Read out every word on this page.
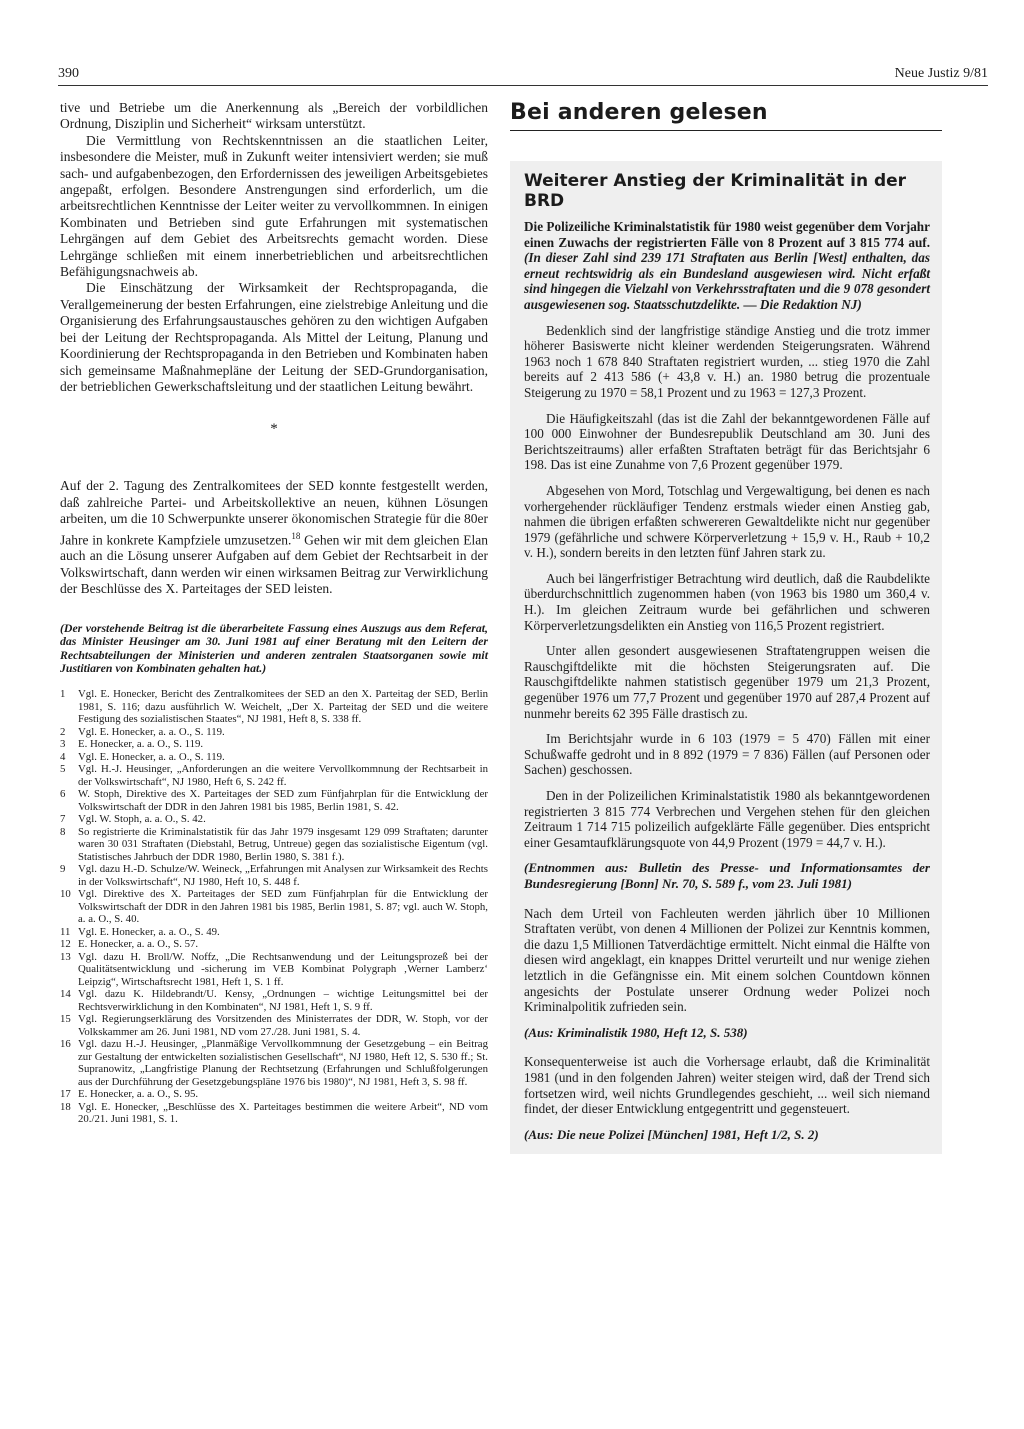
390	Neue Justiz 9/81

tive und Betriebe um die Anerkennung als „Bereich der vorbildlichen Ordnung, Disziplin und Sicherheit“ wirksam unterstützt.

Die Vermittlung von Rechtskenntnissen an die staatlichen Leiter, insbesondere die Meister, muß in Zukunft weiter intensiviert werden; sie muß sach- und aufgabenbezogen, den Erfordernissen des jeweiligen Arbeitsgebietes angepaßt, erfolgen. Besondere Anstrengungen sind erforderlich, um die arbeitsrechtlichen Kenntnisse der Leiter weiter zu vervollkommnen. In einigen Kombinaten und Betrieben sind gute Erfahrungen mit systematischen Lehrgängen auf dem Gebiet des Arbeitsrechts gemacht worden. Diese Lehrgänge schließen mit einem innerbetrieblichen und arbeitsrechtlichen Befähigungsnachweis ab.

Die Einschätzung der Wirksamkeit der Rechtspropaganda, die Verallgemeinerung der besten Erfahrungen, eine zielstrebige Anleitung und die Organisierung des Erfahrungsaustausches gehören zu den wichtigen Aufgaben bei der Leitung der Rechtspropaganda. Als Mittel der Leitung, Planung und Koordinierung der Rechtspropaganda in den Betrieben und Kombinaten haben sich gemeinsame Maßnahmepläne der Leitung der SED-Grundorganisation, der betrieblichen Gewerkschaftsleitung und der staatlichen Leitung bewährt.

*

Auf der 2. Tagung des Zentralkomitees der SED konnte festgestellt werden, daß zahlreiche Partei- und Arbeitskollektive an neuen, kühnen Lösungen arbeiten, um die 10 Schwerpunkte unserer ökonomischen Strategie für die 80er Jahre in konkrete Kampfziele umzusetzen.$^{18}$ Gehen wir mit dem gleichen Elan auch an die Lösung unserer Aufgaben auf dem Gebiet der Rechtsarbeit in der Volkswirtschaft, dann werden wir einen wirksamen Beitrag zur Verwirklichung der Beschlüsse des X. Parteitages der SED leisten.

(Der vorstehende Beitrag ist die überarbeitete Fassung eines Auszugs aus dem Referat, das Minister Heusinger am 30. Juni 1981 auf einer Beratung mit den Leitern der Rechtsabteilungen der Ministerien und anderen zentralen Staatsorganen sowie mit Justitiaren von Kombinaten gehalten hat.)

1	Vgl. E. Honecker, Bericht des Zentralkomitees der SED an den X. Parteitag der SED, Berlin 1981, S. 116; dazu ausführlich W. Weichelt, „Der X. Parteitag der SED und die weitere Festigung des sozialistischen Staates“, NJ 1981, Heft 8, S. 338 ff.
2	Vgl. E. Honecker, a. a. O., S. 119.
3	E. Honecker, a. a. O., S. 119.
4	Vgl. E. Honecker, a. a. O., S. 119.
5	Vgl. H.-J. Heusinger, „Anforderungen an die weitere Vervollkommnung der Rechtsarbeit in der Volkswirtschaft“, NJ 1980, Heft 6, S. 242 ff.
6	W. Stoph, Direktive des X. Parteitages der SED zum Fünfjahrplan für die Entwicklung der Volkswirtschaft der DDR in den Jahren 1981 bis 1985, Berlin 1981, S. 42.
7	Vgl. W. Stoph, a. a. O., S. 42.
8	So registrierte die Kriminalstatistik für das Jahr 1979 insgesamt 129 099 Straftaten; darunter waren 30 031 Straftaten (Diebstahl, Betrug, Untreue) gegen das sozialistische Eigentum (vgl. Statistisches Jahrbuch der DDR 1980, Berlin 1980, S. 381 f.).
9	Vgl. dazu H.-D. Schulze/W. Weineck, „Erfahrungen mit Analysen zur Wirksamkeit des Rechts in der Volkswirtschaft“, NJ 1980, Heft 10, S. 448 f.
10 Vgl. Direktive des X. Parteitages der SED zum Fünfjahrplan für die Entwicklung der Volkswirtschaft der DDR in den Jahren 1981 bis 1985, Berlin 1981, S. 87; vgl. auch W. Stoph, a. a. O., S. 40.
11 Vgl. E. Honecker, a. a. O., S. 49.
12 E. Honecker, a. a. O., S. 57.
13 Vgl. dazu H. Broll/W. Noffz, „Die Rechtsanwendung und der Leitungsprozeß bei der Qualitätsentwicklung und -sicherung im VEB Kombinat Polygraph ‚Werner Lamberz‘ Leipzig“, Wirtschaftsrecht 1981, Heft 1, S. 1 ff.
14 Vgl. dazu K. Hildebrandt/U. Kensy, „Ordnungen – wichtige Leitungsmittel bei der Rechtsverwirklichung in den Kombinaten“, NJ 1981, Heft 1, S. 9 ff.
15 Vgl. Regierungserklärung des Vorsitzenden des Ministerrates der DDR, W. Stoph, vor der Volkskammer am 26. Juni 1981, ND vom 27./28. Juni 1981, S. 4.
16 Vgl. dazu H.-J. Heusinger, „Planmäßige Vervollkommnung der Gesetzgebung – ein Beitrag zur Gestaltung der entwickelten sozialistischen Gesellschaft“, NJ 1980, Heft 12, S. 530 ff.; St. Supranowitz, „Langfristige Planung der Rechtsetzung (Erfahrungen und Schlußfolgerungen aus der Durchführung der Gesetzgebungspläne 1976 bis 1980)“, NJ 1981, Heft 3, S. 98 ff.
17 E. Honecker, a. a. O., S. 95.
18 Vgl. E. Honecker, „Beschlüsse des X. Parteitages bestimmen die weitere Arbeit“, ND vom 20./21. Juni 1981, S. 1.
Bei anderen gelesen
Weiterer Anstieg der Kriminalität in der BRD

Die Polizeiliche Kriminalstatistik für 1980 weist gegenüber dem Vorjahr einen Zuwachs der registrierten Fälle von 8 Prozent auf 3 815 774 auf. (In dieser Zahl sind 239 171 Straftaten aus Berlin [West] enthalten, das erneut rechtswidrig als ein Bundesland ausgewiesen wird. Nicht erfaßt sind hingegen die Vielzahl von Verkehrsstraftaten und die 9 078 gesondert ausgewiesenen sog. Staatsschutzdelikte. — Die Redaktion NJ)

Bedenklich sind der langfristige ständige Anstieg und die trotz immer höherer Basiswerte nicht kleiner werdenden Steigerungsraten. Während 1963 noch 1 678 840 Straftaten registriert wurden, ... stieg 1970 die Zahl bereits auf 2 413 586 (+ 43,8 v. H.) an. 1980 betrug die prozentuale Steigerung zu 1970 = 58,1 Prozent und zu 1963 = 127,3 Prozent.

Die Häufigkeitszahl (das ist die Zahl der bekanntgewordenen Fälle auf 100 000 Einwohner der Bundesrepublik Deutschland am 30. Juni des Berichtszeitraums) aller erfaßten Straftaten beträgt für das Berichtsjahr 6 198. Das ist eine Zunahme von 7,6 Prozent gegenüber 1979.

Abgesehen von Mord, Totschlag und Vergewaltigung, bei denen es nach vorhergehender rückläufiger Tendenz erstmals wieder einen Anstieg gab, nahmen die übrigen erfaßten schwereren Gewaltdelikte nicht nur gegenüber 1979 (gefährliche und schwere Körperverletzung + 15,9 v. H., Raub + 10,2 v. H.), sondern bereits in den letzten fünf Jahren stark zu.

Auch bei längerfristiger Betrachtung wird deutlich, daß die Raubdelikte überdurchschnittlich zugenommen haben (von 1963 bis 1980 um 360,4 v. H.). Im gleichen Zeitraum wurde bei gefährlichen und schweren Körperverletzungsdelikten ein Anstieg von 116,5 Prozent registriert.

Unter allen gesondert ausgewiesenen Straftatengruppen weisen die Rauschgiftdelikte mit die höchsten Steigerungsraten auf. Die Rauschgiftdelikte nahmen statistisch gegenüber 1979 um 21,3 Prozent, gegenüber 1976 um 77,7 Prozent und gegenüber 1970 auf 287,4 Prozent auf nunmehr bereits 62 395 Fälle drastisch zu.

Im Berichtsjahr wurde in 6 103 (1979 = 5 470) Fällen mit einer Schußwaffe gedroht und in 8 892 (1979 = 7 836) Fällen (auf Personen oder Sachen) geschossen.

Den in der Polizeilichen Kriminalstatistik 1980 als bekanntgewordenen registrierten 3 815 774 Verbrechen und Vergehen stehen für den gleichen Zeitraum 1 714 715 polizeilich aufgeklärte Fälle gegenüber. Dies entspricht einer Gesamtaufklärungsquote von 44,9 Prozent (1979 = 44,7 v. H.).

(Entnommen aus: Bulletin des Presse- und Informationsamtes der Bundesregierung [Bonn] Nr. 70, S. 589 f., vom 23. Juli 1981)

Nach dem Urteil von Fachleuten werden jährlich über 10 Millionen Straftaten verübt, von denen 4 Millionen der Polizei zur Kenntnis kommen, die dazu 1,5 Millionen Tatverdächtige ermittelt. Nicht einmal die Hälfte von diesen wird angeklagt, ein knappes Drittel verurteilt und nur wenige ziehen letztlich in die Gefängnisse ein. Mit einem solchen Countdown können angesichts der Postulate unserer Ordnung weder Polizei noch Kriminalpolitik zufrieden sein.

(Aus: Kriminalistik 1980, Heft 12, S. 538)

Konsequenterweise ist auch die Vorhersage erlaubt, daß die Kriminalität 1981 (und in den folgenden Jahren) weiter steigen wird, daß der Trend sich fortsetzen wird, weil nichts Grundlegendes geschieht, ... weil sich niemand findet, der dieser Entwicklung entgegentritt und gegensteuert.

(Aus: Die neue Polizei [München] 1981, Heft 1/2, S. 2)
